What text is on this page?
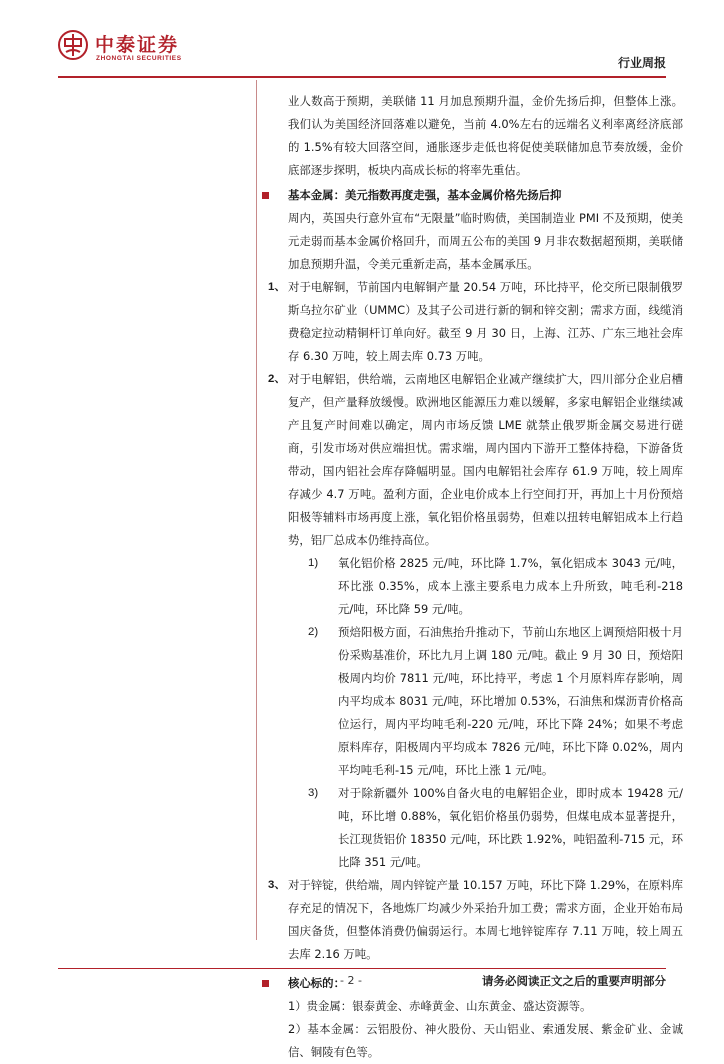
中泰证券
ZHONGTAI SECURITIES	行业周报

业人数高于预期，美联储 11 月加息预期升温，金价先扬后抑，但整体上涨。我们认为美国经济回落难以避免，当前 4.0%左右的远端名义利率离经济底部的 1.5%有较大回落空间，通胀逐步走低也将促使美联储加息节奏放缓，金价底部逐步探明，板块内高成长标的将率先重估。

基本金属：美元指数再度走强，基本金属价格先扬后抑

周内，英国央行意外宣布“无限量”临时购债，美国制造业 PMI 不及预期，使美元走弱而基本金属价格回升，而周五公布的美国 9 月非农数据超预期，美联储加息预期升温，令美元重新走高，基本金属承压。

1、 对于电解铜，节前国内电解铜产量 20.54 万吨，环比持平，伦交所已限制俄罗斯乌拉尔矿业（UMMC）及其子公司进行新的铜和锌交割；需求方面，线缆消费稳定拉动精铜杆订单向好。截至 9 月 30 日，上海、江苏、广东三地社会库存 6.30 万吨，较上周去库 0.73 万吨。

2、 对于电解铝，供给端，云南地区电解铝企业减产继续扩大，四川部分企业启槽复产，但产量释放缓慢。欧洲地区能源压力难以缓解，多家电解铝企业继续减产且复产时间难以确定，周内市场反馈 LME 就禁止俄罗斯金属交易进行磋商，引发市场对供应端担忧。需求端，周内国内下游开工整体持稳，下游备货带动，国内铝社会库存降幅明显。国内电解铝社会库存 61.9 万吨，较上周库存减少 4.7 万吨。盈利方面，企业电价成本上行空间打开，再加上十月份预焙阳极等辅料市场再度上涨，氧化铝价格虽弱势，但难以扭转电解铝成本上行趋势，铝厂总成本仍维持高位。

1) 氧化铝价格 2825 元/吨，环比降 1.7%，氧化铝成本 3043 元/吨，环比涨 0.35%，成本上涨主要系电力成本上升所致，吨毛利-218 元/吨，环比降 59 元/吨。

2) 预焙阳极方面，石油焦抬升推动下，节前山东地区上调预焙阳极十月份采购基准价，环比九月上调 180 元/吨。截止 9 月 30 日，预焙阳极周内均价 7811 元/吨，环比持平，考虑 1 个月原料库存影响，周内平均成本 8031 元/吨，环比增加 0.53%，石油焦和煤沥青价格高位运行，周内平均吨毛利-220 元/吨，环比下降 24%；如果不考虑原料库存，阳极周内平均成本 7826 元/吨，环比下降 0.02%，周内平均吨毛利-15 元/吨，环比上涨 1 元/吨。

3) 对于除新疆外 100%自备火电的电解铝企业，即时成本 19428 元/吨，环比增 0.88%，氧化铝价格虽仍弱势，但煤电成本显著提升，长江现货铝价 18350 元/吨，环比跌 1.92%，吨铝盈利-715 元，环比降 351 元/吨。

3、 对于锌锭，供给端，周内锌锭产量 10.157 万吨，环比下降 1.29%，在原料库存充足的情况下，各地炼厂均减少外采抬升加工费；需求方面，企业开始布局国庆备货，但整体消费仍偏弱运行。本周七地锌锭库存 7.11 万吨，较上周五去库 2.16 万吨。

核心标的：

1）贵金属：银泰黄金、赤峰黄金、山东黄金、盛达资源等。

2）基本金属：云铝股份、神火股份、天山铝业、索通发展、紫金矿业、金诚信、铜陵有色等。

- 2 -	请务必阅读正文之后的重要声明部分
